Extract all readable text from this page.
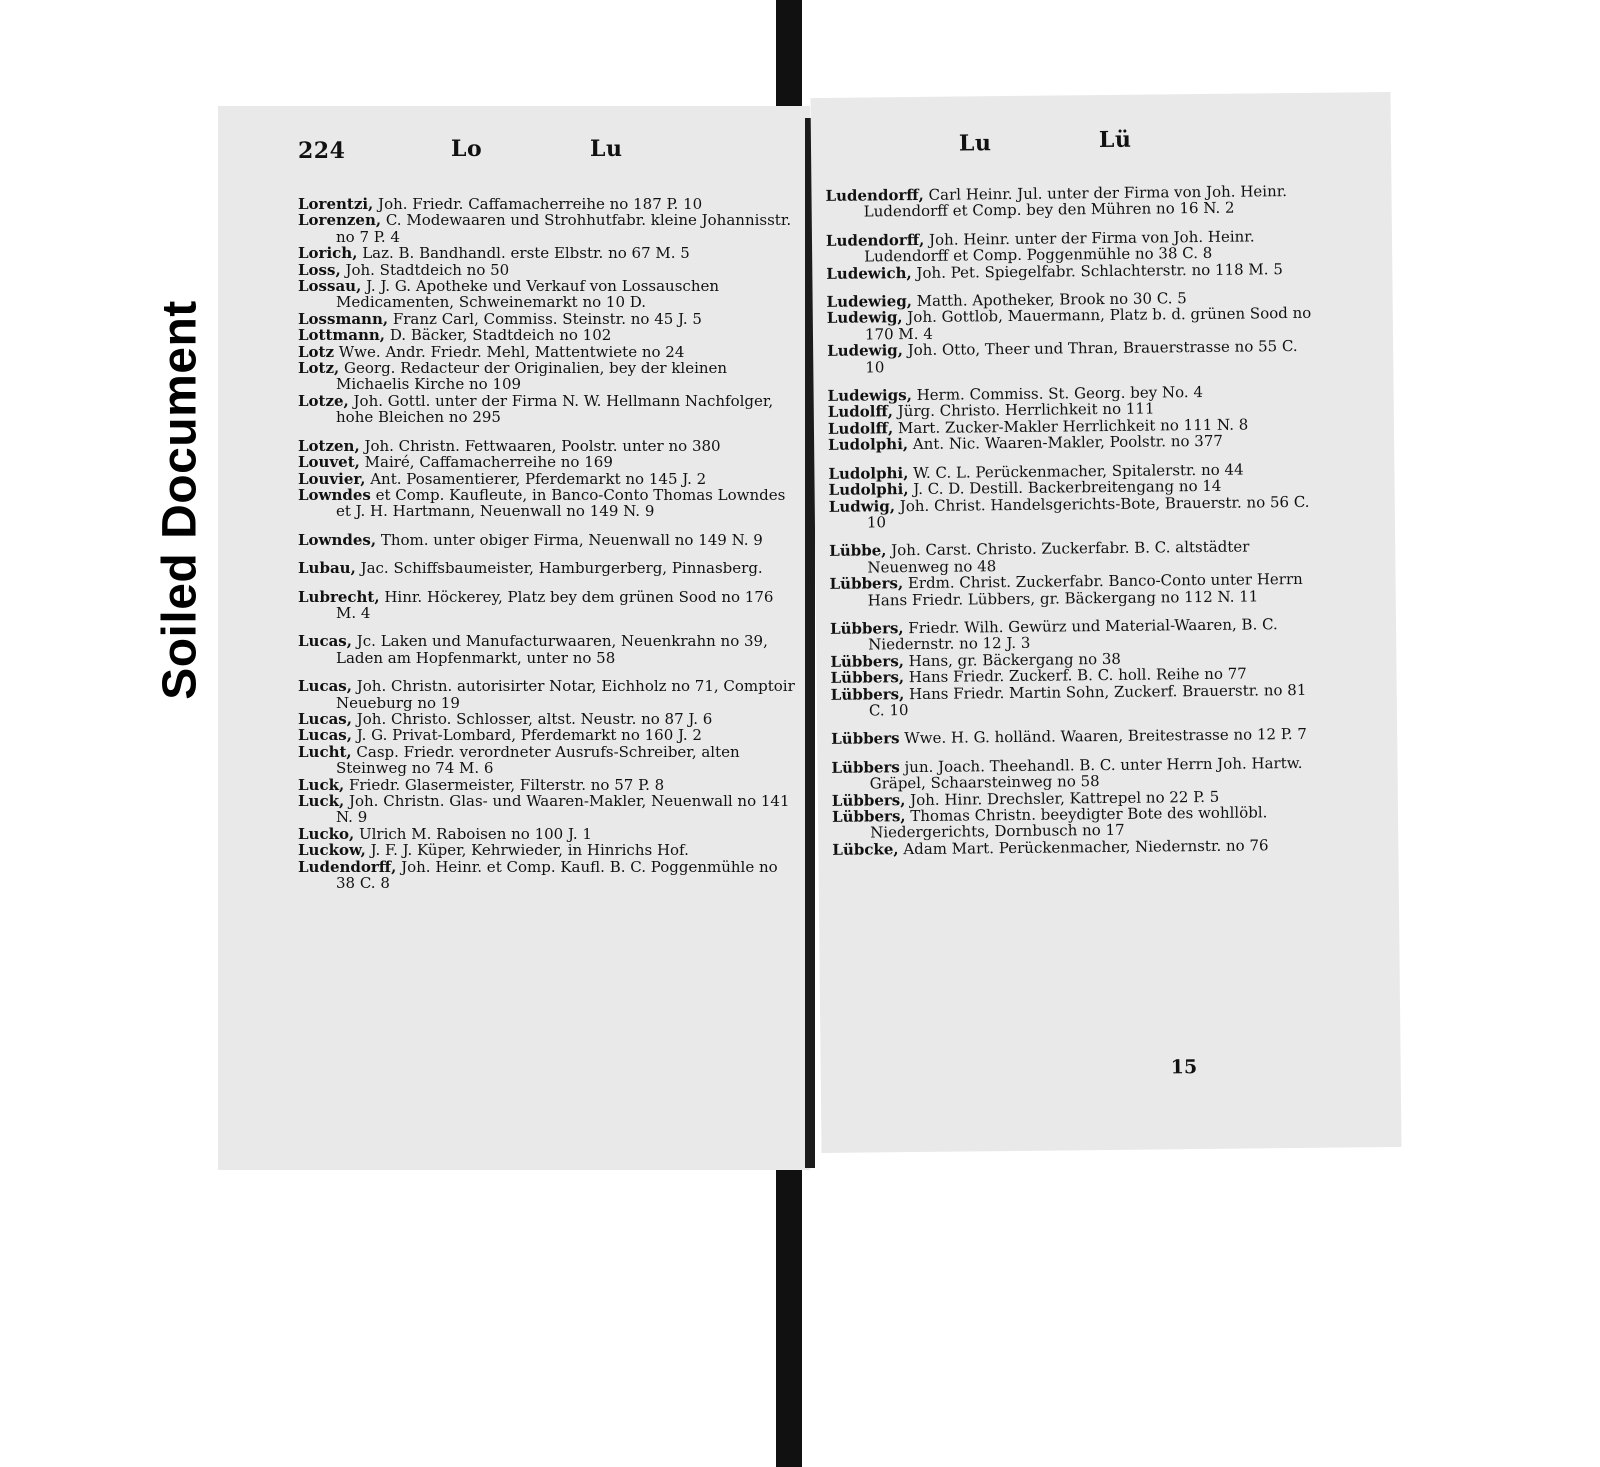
Soiled Document
224	Lo	Lu

Lorentzi, Joh. Friedr. Caffamacherreihe no 187 P. 10

Lorenzen, C. Modewaaren und Strohhutfabr. kleine Johannisstr. no 7 P. 4

Lorich, Laz. B. Bandhandl. erste Elbstr. no 67 M. 5

Loss, Joh. Stadtdeich no 50

Lossau, J. J. G. Apotheke und Verkauf von Lossauschen Medicamenten, Schweinemarkt no 10 D.

Lossmann, Franz Carl, Commiss. Steinstr. no 45 J. 5

Lottmann, D. Bäcker, Stadtdeich no 102

Lotz Wwe. Andr. Friedr. Mehl, Mattentwiete no 24

Lotz, Georg. Redacteur der Originalien, bey der kleinen Michaelis Kirche no 109

Lotze, Joh. Gottl. unter der Firma N. W. Hellmann Nachfolger, hohe Bleichen no 295

Lotzen, Joh. Christn. Fettwaaren, Poolstr. unter no 380

Louvet, Mairé, Caffamacherreihe no 169

Louvier, Ant. Posamentierer, Pferdemarkt no 145 J. 2

Lowndes et Comp. Kaufleute, in Banco-Conto Thomas Lowndes et J. H. Hartmann, Neuenwall no 149 N. 9

Lowndes, Thom. unter obiger Firma, Neuenwall no 149 N. 9

Lubau, Jac. Schiffsbaumeister, Hamburgerberg, Pinnasberg.

Lubrecht, Hinr. Höckerey, Platz bey dem grünen Sood no 176 M. 4

Lucas, Jc. Laken und Manufacturwaaren, Neuenkrahn no 39, Laden am Hopfenmarkt, unter no 58

Lucas, Joh. Christn. autorisirter Notar, Eichholz no 71, Comptoir Neueburg no 19

Lucas, Joh. Christo. Schlosser, altst. Neustr. no 87 J. 6

Lucas, J. G. Privat-Lombard, Pferdemarkt no 160 J. 2

Lucht, Casp. Friedr. verordneter Ausrufs-Schreiber, alten Steinweg no 74 M. 6

Luck, Friedr. Glasermeister, Filterstr. no 57 P. 8

Luck, Joh. Christn. Glas- und Waaren-Makler, Neuenwall no 141 N. 9

Lucko, Ulrich M. Raboisen no 100 J. 1

Luckow, J. F. J. Küper, Kehrwieder, in Hinrichs Hof.

Ludendorff, Joh. Heinr. et Comp. Kaufl. B. C. Poggenmühle no 38 C. 8

Lu	Lü

Ludendorff, Carl Heinr. Jul. unter der Firma von Joh. Heinr. Ludendorff et Comp. bey den Mühren no 16 N. 2

Ludendorff, Joh. Heinr. unter der Firma von Joh. Heinr. Ludendorff et Comp. Poggenmühle no 38 C. 8

Ludewich, Joh. Pet. Spiegelfabr. Schlachterstr. no 118 M. 5

Ludewieg, Matth. Apotheker, Brook no 30 C. 5

Ludewig, Joh. Gottlob, Mauermann, Platz b. d. grünen Sood no 170 M. 4

Ludewig, Joh. Otto, Theer und Thran, Brauerstrasse no 55 C. 10

Ludewigs, Herm. Commiss. St. Georg. bey No. 4

Ludolff, Jürg. Christo. Herrlichkeit no 111

Ludolff, Mart. Zucker-Makler Herrlichkeit no 111 N. 8

Ludolphi, Ant. Nic. Waaren-Makler, Poolstr. no 377

Ludolphi, W. C. L. Perückenmacher, Spitalerstr. no 44

Ludolphi, J. C. D. Destill. Backerbreitengang no 14

Ludwig, Joh. Christ. Handelsgerichts-Bote, Brauerstr. no 56 C. 10

Lübbe, Joh. Carst. Christo. Zuckerfabr. B. C. altstädter Neuenweg no 48

Lübbers, Erdm. Christ. Zuckerfabr. Banco-Conto unter Herrn Hans Friedr. Lübbers, gr. Bäckergang no 112 N. 11

Lübbers, Friedr. Wilh. Gewürz und Material-Waaren, B. C. Niedernstr. no 12 J. 3

Lübbers, Hans, gr. Bäckergang no 38

Lübbers, Hans Friedr. Zuckerf. B. C. holl. Reihe no 77

Lübbers, Hans Friedr. Martin Sohn, Zuckerf. Brauerstr. no 81 C. 10

Lübbers Wwe. H. G. holländ. Waaren, Breitestrasse no 12 P. 7

Lübbers jun. Joach. Theehandl. B. C. unter Herrn Joh. Hartw. Gräpel, Schaarsteinweg no 58

Lübbers, Joh. Hinr. Drechsler, Kattrepel no 22 P. 5

Lübbers, Thomas Christn. beeydigter Bote des wohllöbl. Niedergerichts, Dornbusch no 17

Lübcke, Adam Mart. Perückenmacher, Niedernstr. no 76

15
